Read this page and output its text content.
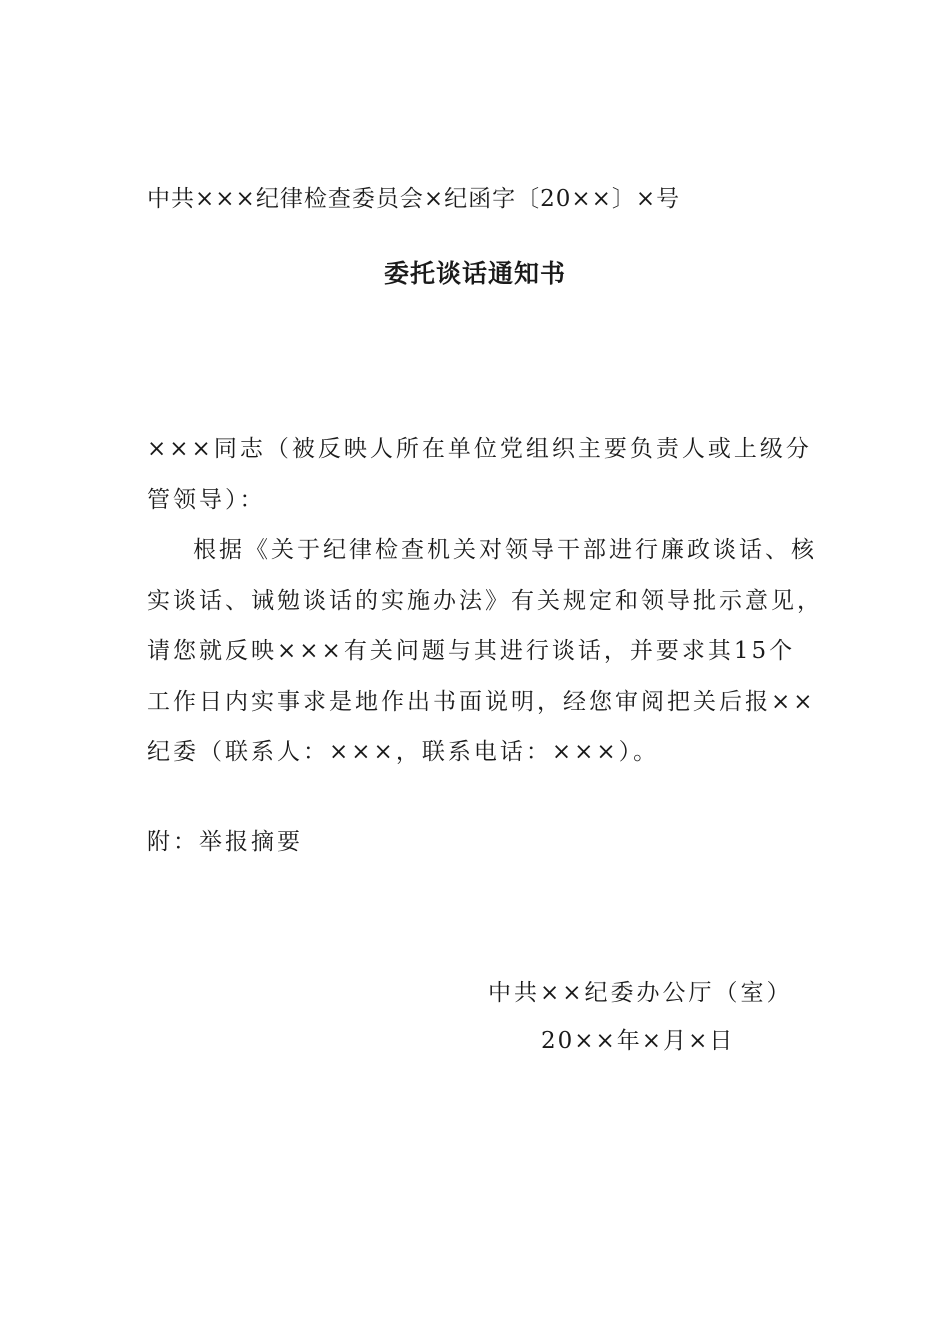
中共×××纪律检查委员会×纪函字〔20××〕×号
委托谈话通知书
×××同志（被反映人所在单位党组织主要负责人或上级分
管领导）：
根据《关于纪律检查机关对领导干部进行廉政谈话、核
实谈话、诫勉谈话的实施办法》有关规定和领导批示意见，
请您就反映×××有关问题与其进行谈话，并要求其15个
工作日内实事求是地作出书面说明，经您审阅把关后报××
纪委（联系人：×××，联系电话：×××）。
附：举报摘要
中共××纪委办公厅（室）
20××年×月×日
